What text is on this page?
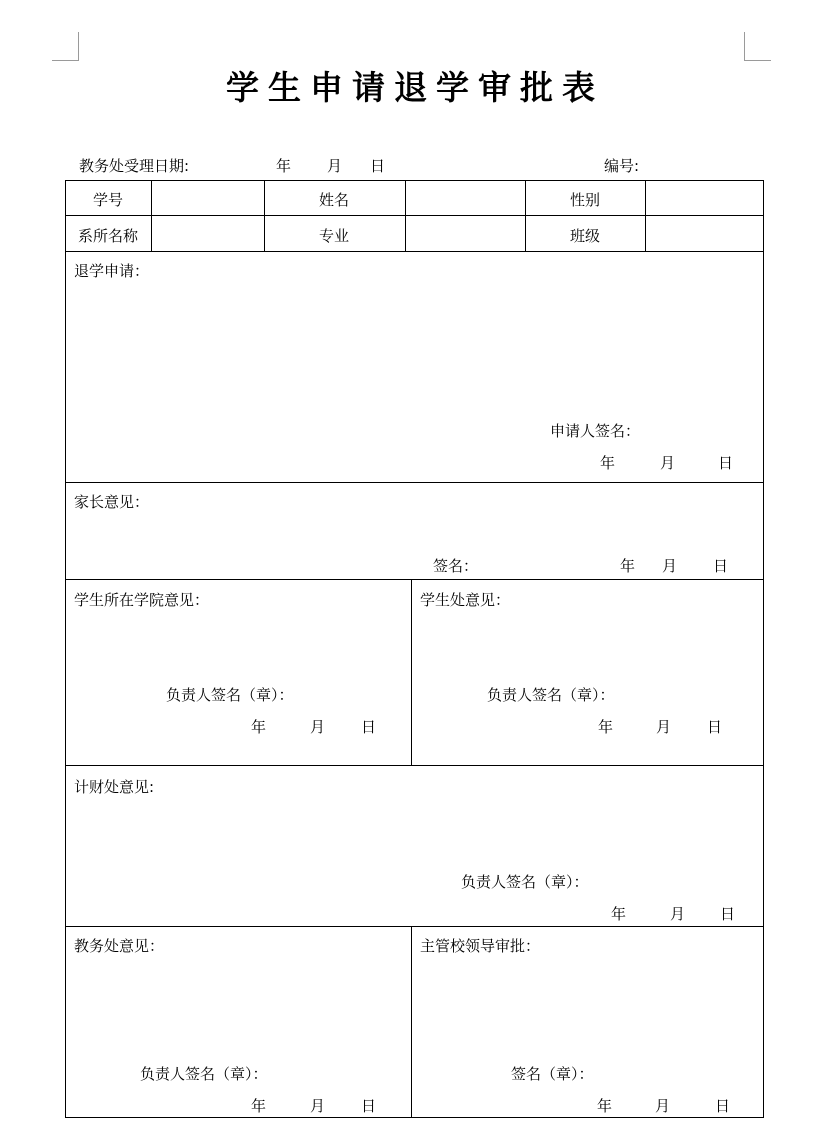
学生申请退学审批表
教务处受理日期:	年 月 日	编号:
学号	姓名	性别
系所名称	专业	班级
退学申请：
申请人签名：
年	月	日
家长意见：
签名：	年 月 日
学生所在学院意见：
负责人签名（章）：
年	月 日
学生处意见：
负责人签名（章）：
年	月 日
计财处意见:
负责人签名（章）：
年	月 日
教务处意见：
负责人签名（章）：
年	月 日
主管校领导审批：
签名（章）：
年	月	日
